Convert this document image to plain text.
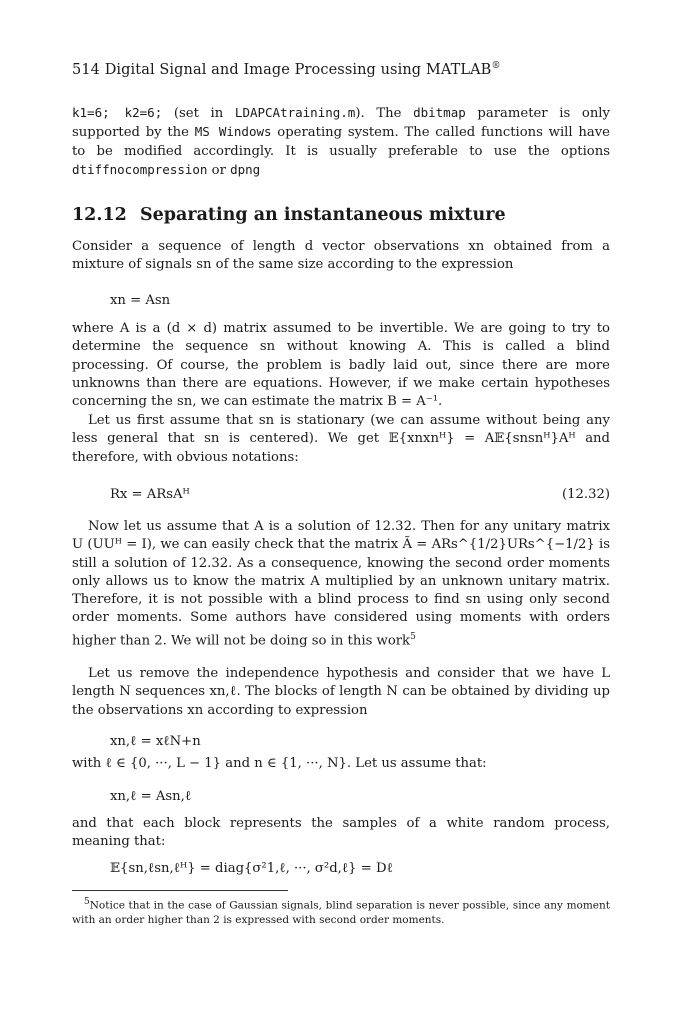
514 Digital Signal and Image Processing using MATLAB®

k1=6; k2=6; (set in LDAPCAtraining.m). The dbitmap parameter is only supported by the MS Windows operating system. The called functions will have to be modified accordingly. It is usually preferable to use the options dtiffnocompression or dpng

12.12 Separating an instantaneous mixture

Consider a sequence of length d vector observations xn obtained from a mixture of signals sn of the same size according to the expression

xn = Asn

where A is a (d × d) matrix assumed to be invertible. We are going to try to determine the sequence sn without knowing A. This is called a blind processing. Of course, the problem is badly laid out, since there are more unknowns than there are equations. However, if we make certain hypotheses concerning the sn, we can estimate the matrix B = A⁻¹.

Let us first assume that sn is stationary (we can assume without being any less general that sn is centered). We get 𝔼{xnxnᴴ} = A𝔼{snsnᴴ}Aᴴ and therefore, with obvious notations:

Rx = ARsAᴴ	(12.32)

Now let us assume that A is a solution of 12.32. Then for any unitary matrix U (UUᴴ = I), we can easily check that the matrix Ã = ARs^{1/2}URs^{−1/2} is still a solution of 12.32. As a consequence, knowing the second order moments only allows us to know the matrix A multiplied by an unknown unitary matrix. Therefore, it is not possible with a blind process to find sn using only second order moments. Some authors have considered using moments with orders higher than 2. We will not be doing so in this work$^5$

Let us remove the independence hypothesis and consider that we have L length N sequences xn,ℓ. The blocks of length N can be obtained by dividing up the observations xn according to expression

xn,ℓ = xℓN+n

with ℓ ∈ {0, ···, L − 1} and n ∈ {1, ···, N}. Let us assume that:

xn,ℓ = Asn,ℓ

and that each block represents the samples of a white random process, meaning that:

𝔼{sn,ℓsn,ℓᴴ} = diag{σ²1,ℓ, ···, σ²d,ℓ} = Dℓ
$^5$Notice that in the case of Gaussian signals, blind separation is never possible, since any moment with an order higher than 2 is expressed with second order moments.
